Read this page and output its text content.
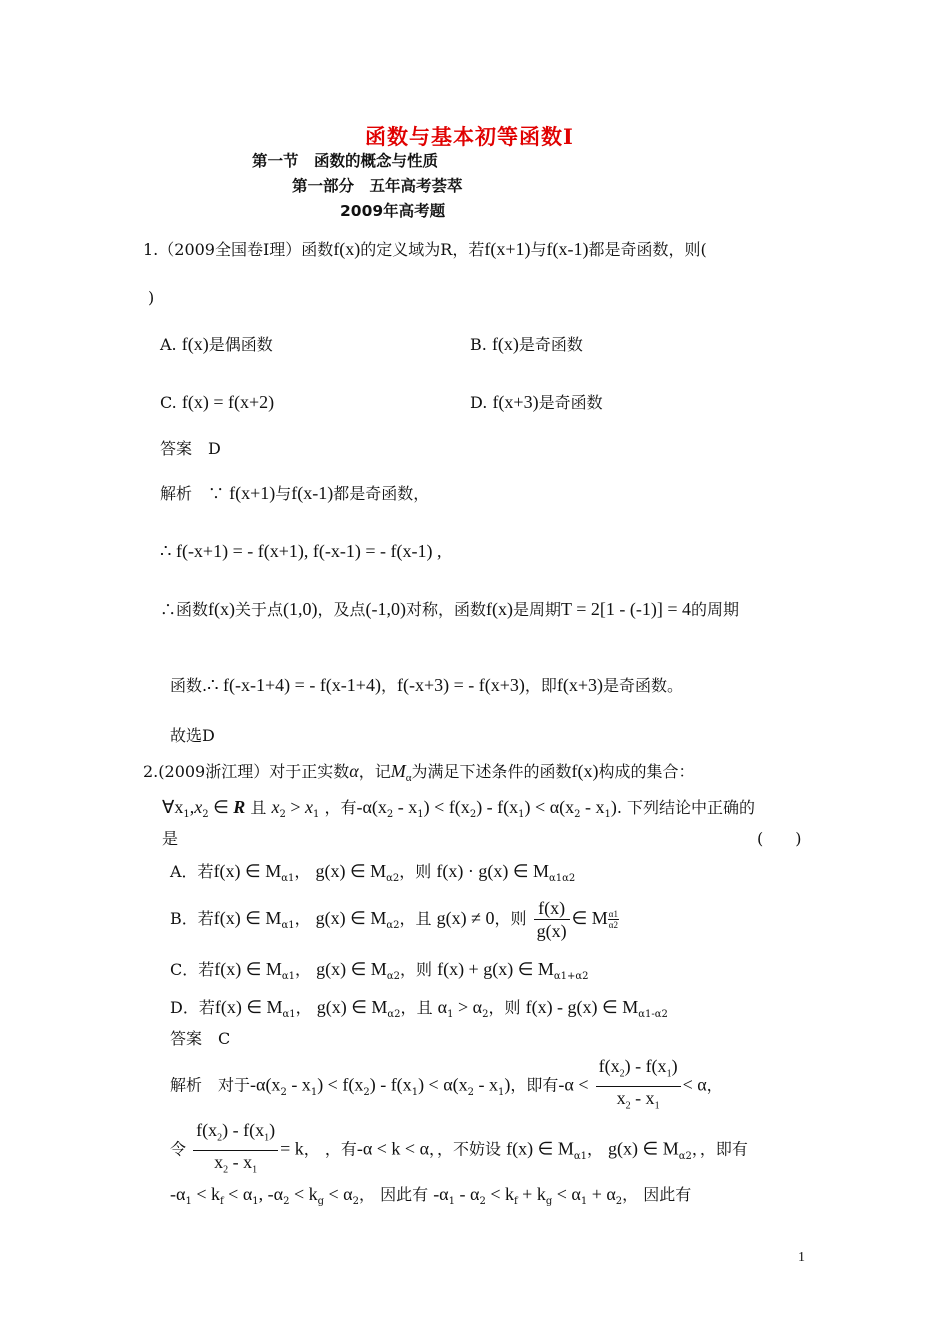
函数与基本初等函数Ⅰ
第一节　函数的概念与性质
第一部分　五年高考荟萃
2009年高考题
1.（2009全国卷Ⅰ理）函数f(x)的定义域为R，若f(x+1)与f(x-1)都是奇函数，则(
)
A. f(x)是偶函数	B. f(x)是奇函数
C. f(x) = f(x+2)	D. f(x+3)是奇函数
答案　D
解析　∵ f(x+1)与f(x-1)都是奇函数，
∴ f(-x+1) = - f(x+1), f(-x-1) = - f(x-1) ,
∴函数f(x)关于点(1,0)，及点(-1,0)对称，函数f(x)是周期T = 2[1 - (-1)] = 4的周期
函数.∴ f(-x-1+4) = - f(x-1+4)，f(-x+3) = - f(x+3)，即f(x+3)是奇函数。
故选D
2.(2009浙江理）对于正实数α，记$M_\alpha$为满足下述条件的函数f(x)构成的集合：
$\forall x_1,x_2$ ∈ R 且 $x_2 > x_1$ ，有$-\alpha(x_2 - x_1) < f(x_2) - f(x_1) < \alpha(x_2 - x_1)$. 下列结论中正确的
是	(　　)
A．若f(x) ∈ $M_{\alpha 1}$， g(x) ∈ $M_{\alpha 2}$，则 f(x) · g(x) ∈ $M_{\alpha 1\alpha 2}$
B．若f(x) ∈ $M_{\alpha 1}$， g(x) ∈ $M_{\alpha 2}$，且 g(x) ≠ 0，则 $\frac{f(x)}{g(x)}$ ∈ M $\frac{\alpha 1}{\alpha 2}$
C．若f(x) ∈ $M_{\alpha 1}$， g(x) ∈ $M_{\alpha 2}$，则 f(x) + g(x) ∈ $M_{\alpha 1+\alpha 2}$
D．若f(x) ∈ $M_{\alpha 1}$， g(x) ∈ $M_{\alpha 2}$，且 $\alpha_1 > \alpha_2$，则 f(x) - g(x) ∈ $M_{\alpha 1-\alpha 2}$
答案　C
解析　对于$-\alpha(x_2 - x_1) < f(x_2) - f(x_1) < \alpha(x_2 - x_1)$，即有$-\alpha < \frac{f(x_2) - f(x_1)}{x_2 - x_1} < \alpha$，
令 $\frac{f(x_2) - f(x_1)}{x_2 - x_1} = k$， ，有-α < k < α，，不妨设 f(x) ∈ $M_{\alpha 1}$， g(x) ∈ $M_{\alpha 2}$，，即有
$-\alpha_1 < k_f < \alpha_1$, $-\alpha_2 < k_g < \alpha_2$， 因此有 $-\alpha_1 - \alpha_2 < k_f + k_g < \alpha_1 + \alpha_2$， 因此有
1
